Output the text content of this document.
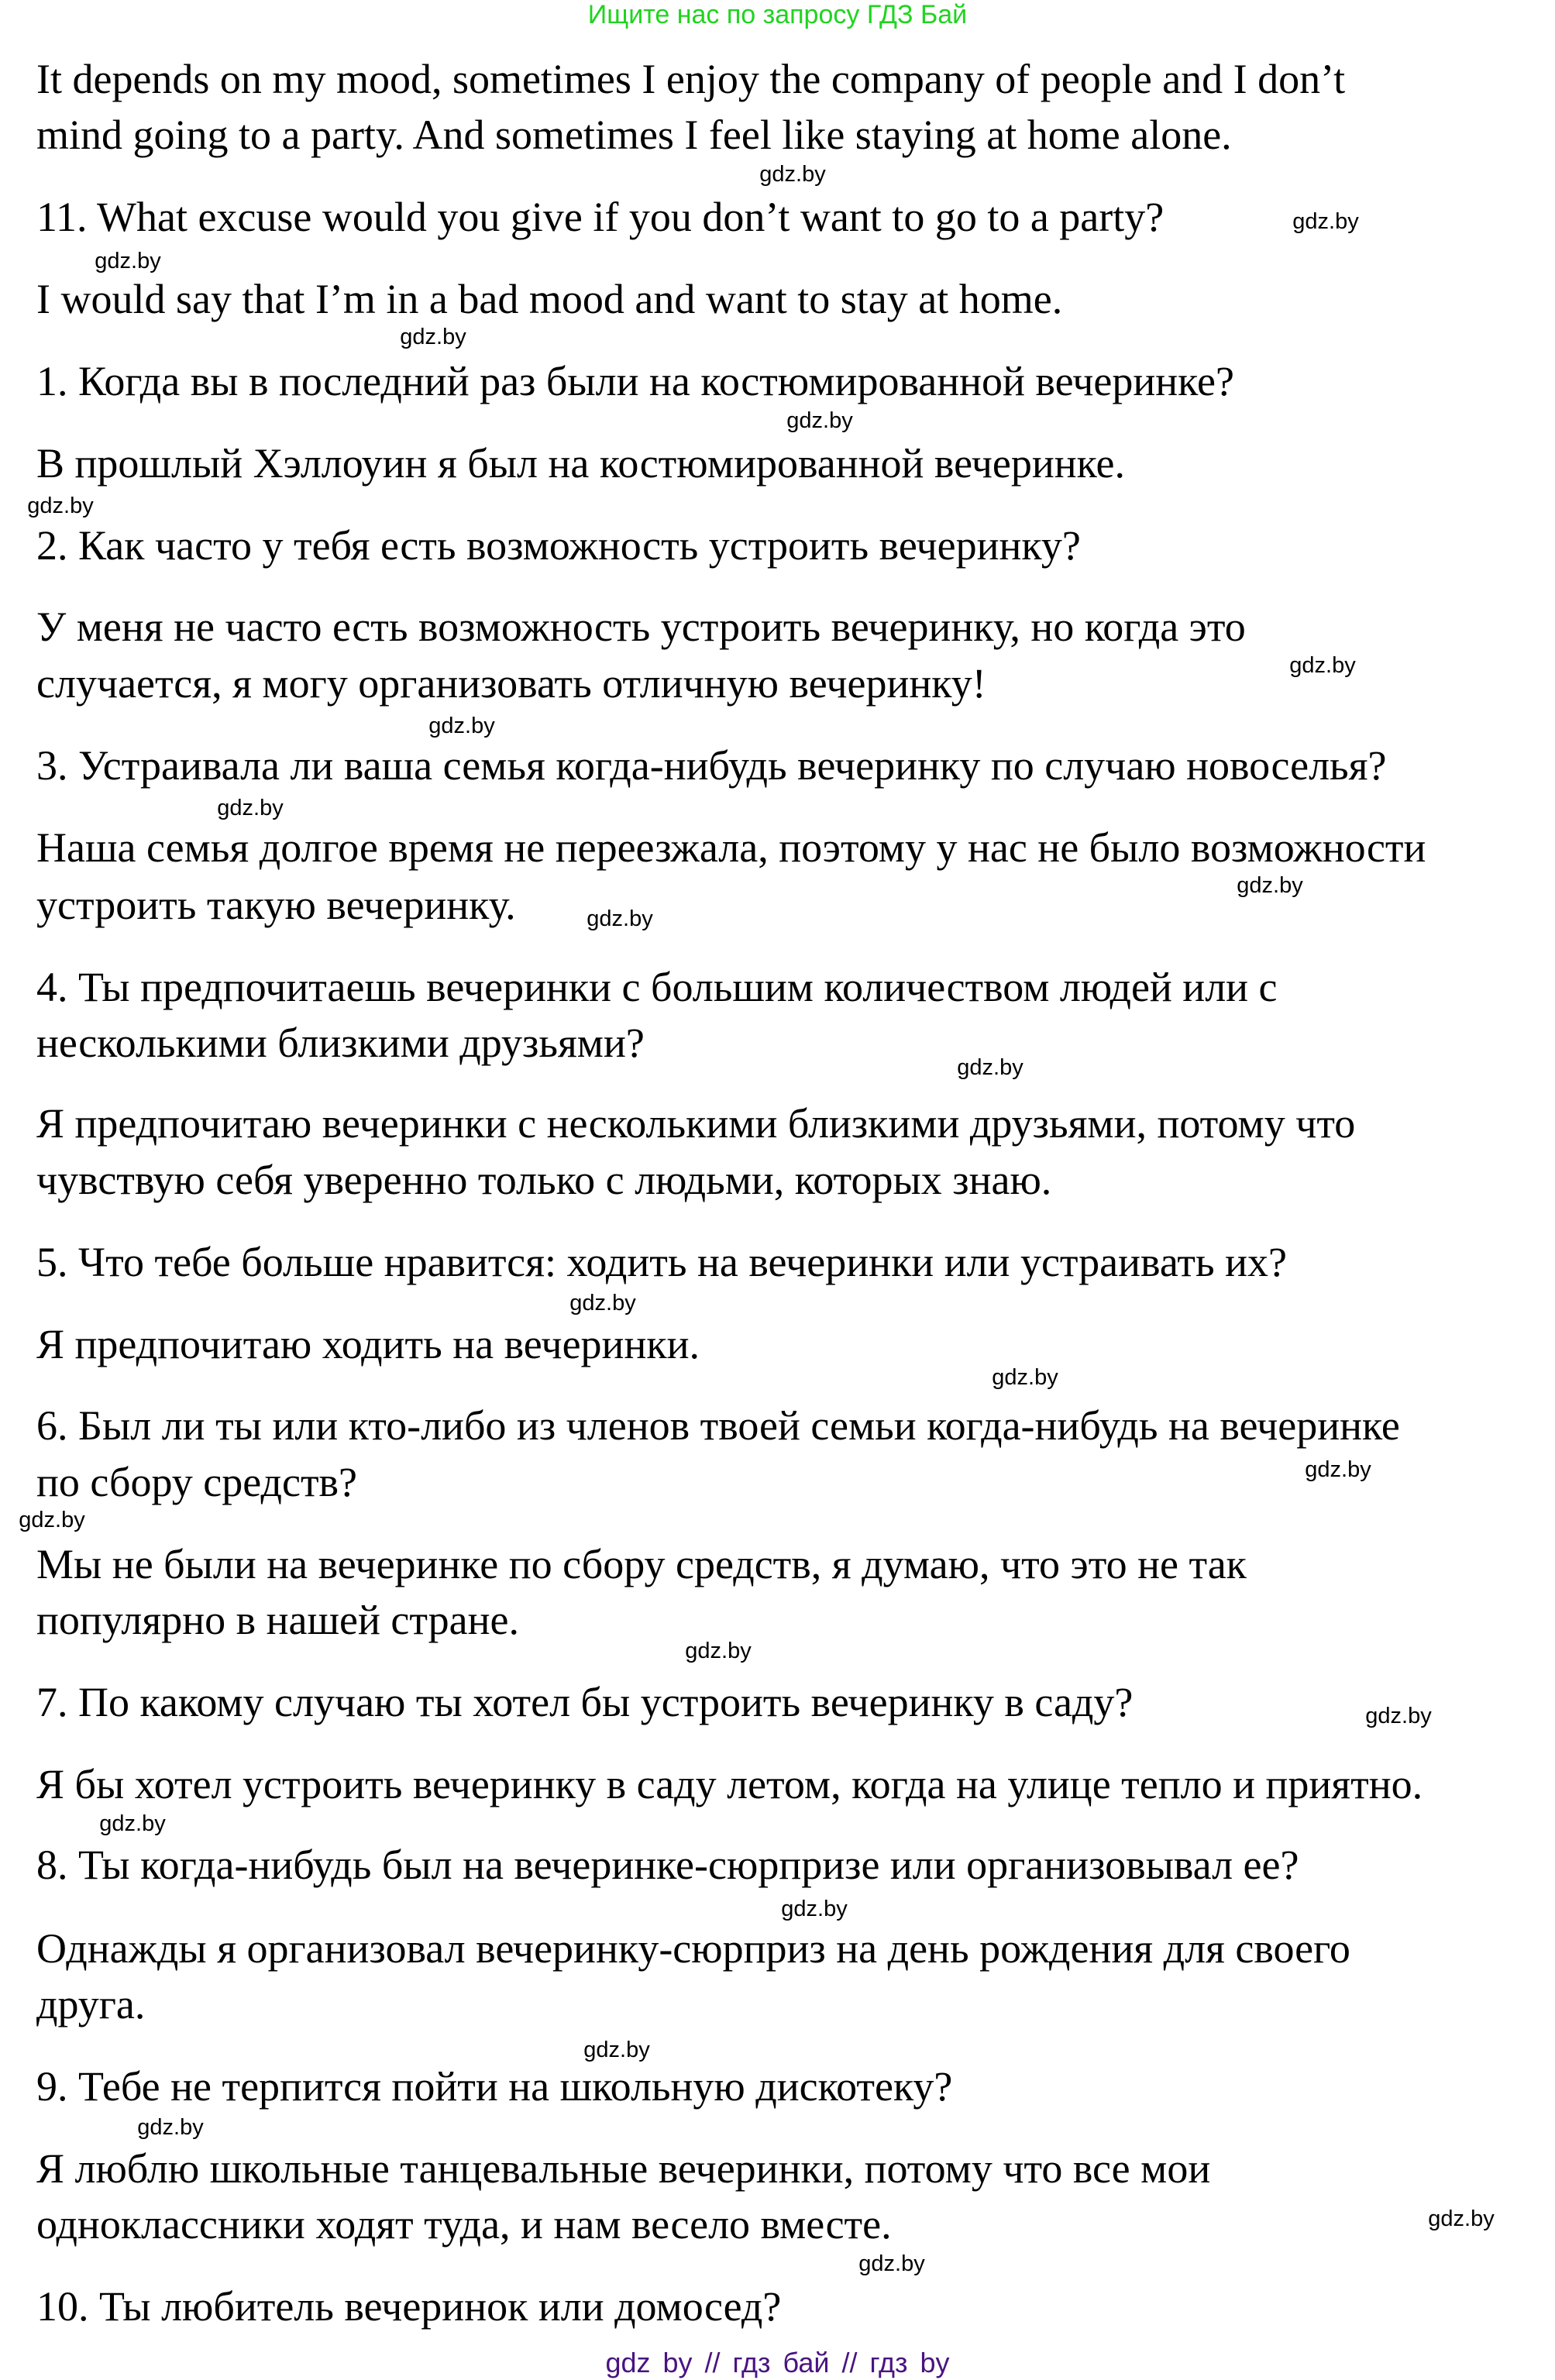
Ищите нас по запросу ГДЗ Бай
It depends on my mood, sometimes I enjoy the company of people and I don’t
mind going to a party. And sometimes I feel like staying at home alone.
11. What excuse would you give if you don’t want to go to a party?
I would say that I’m in a bad mood and want to stay at home.
1. Когда вы в последний раз были на костюмированной вечеринке?
В прошлый Хэллоуин я был на костюмированной вечеринке.
2. Как часто у тебя есть возможность устроить вечеринку?
У меня не часто есть возможность устроить вечеринку, но когда это
случается, я могу организовать отличную вечеринку!
3. Устраивала ли ваша семья когда-нибудь вечеринку по случаю новоселья?
Наша семья долгое время не переезжала, поэтому у нас не было возможности
устроить такую вечеринку.
4. Ты предпочитаешь вечеринки с большим количеством людей или с
несколькими близкими друзьями?
Я предпочитаю вечеринки с несколькими близкими друзьями, потому что
чувствую себя уверенно только с людьми, которых знаю.
5. Что тебе больше нравится: ходить на вечеринки или устраивать их?
Я предпочитаю ходить на вечеринки.
6. Был ли ты или кто-либо из членов твоей семьи когда-нибудь на вечеринке
по сбору средств?
Мы не были на вечеринке по сбору средств, я думаю, что это не так
популярно в нашей стране.
7. По какому случаю ты хотел бы устроить вечеринку в саду?
Я бы хотел устроить вечеринку в саду летом, когда на улице тепло и приятно.
8. Ты когда-нибудь был на вечеринке-сюрпризе или организовывал ее?
Однажды я организовал вечеринку-сюрприз на день рождения для своего
друга.
9. Тебе не терпится пойти на школьную дискотеку?
Я люблю школьные танцевальные вечеринки, потому что все мои
одноклассники ходят туда, и нам весело вместе.
10. Ты любитель вечеринок или домосед?
gdz.by
gdz.by
gdz.by
gdz.by
gdz.by
gdz.by
gdz.by
gdz.by
gdz.by
gdz.by
gdz.by
gdz.by
gdz.by
gdz.by
gdz.by
gdz.by
gdz.by
gdz.by
gdz.by
gdz.by
gdz.by
gdz.by
gdz.by
gdz.by
gdz by // гдз бай // гдз by
